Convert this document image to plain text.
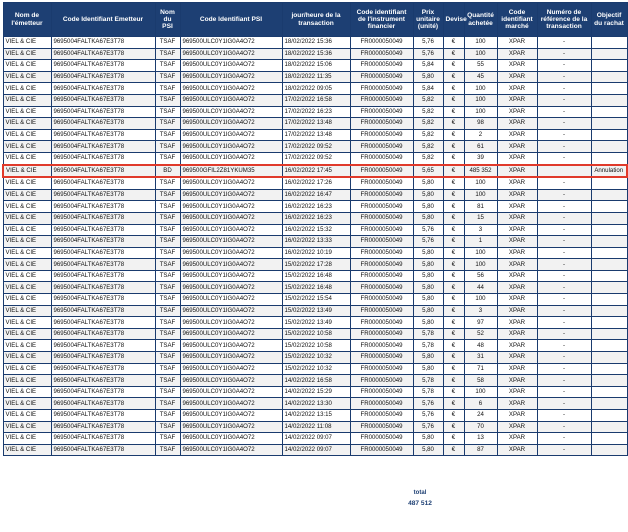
Nom de l'émetteur	Code Identifiant Emetteur	Nom du PSI	Code Identifiant PSI	jour/heure de la transaction	Code identifiant de l'instrument financier	Prix unitaire (unité)	Devise	Quantité achetée	Code identifiant marché	Numéro de référence de la transaction	Objectif du rachat
VIEL & CIE	9695004FALTKA67E3T78	TSAF	969500ULC0Y1IG0A4O72	18/02/2022 15:36	FR0000050049	5,76	€	100	XPAR	-	
VIEL & CIE	9695004FALTKA67E3T78	TSAF	969500ULC0Y1IG0A4O72	18/02/2022 15:36	FR0000050049	5,76	€	100	XPAR	-	
VIEL & CIE	9695004FALTKA67E3T78	TSAF	969500ULC0Y1IG0A4O72	18/02/2022 15:06	FR0000050049	5,84	€	55	XPAR	-	
VIEL & CIE	9695004FALTKA67E3T78	TSAF	969500ULC0Y1IG0A4O72	18/02/2022 11:35	FR0000050049	5,80	€	45	XPAR	-	
VIEL & CIE	9695004FALTKA67E3T78	TSAF	969500ULC0Y1IG0A4O72	18/02/2022 09:05	FR0000050049	5,84	€	100	XPAR	-	
VIEL & CIE	9695004FALTKA67E3T78	TSAF	969500ULC0Y1IG0A4O72	17/02/2022 16:58	FR0000050049	5,82	€	100	XPAR	-	
VIEL & CIE	9695004FALTKA67E3T78	TSAF	969500ULC0Y1IG0A4O72	17/02/2022 16:23	FR0000050049	5,82	€	100	XPAR	-	
VIEL & CIE	9695004FALTKA67E3T78	TSAF	969500ULC0Y1IG0A4O72	17/02/2022 13:48	FR0000050049	5,82	€	98	XPAR	-	
VIEL & CIE	9695004FALTKA67E3T78	TSAF	969500ULC0Y1IG0A4O72	17/02/2022 13:48	FR0000050049	5,82	€	2	XPAR	-	
VIEL & CIE	9695004FALTKA67E3T78	TSAF	969500ULC0Y1IG0A4O72	17/02/2022 09:52	FR0000050049	5,82	€	61	XPAR	-	
VIEL & CIE	9695004FALTKA67E3T78	TSAF	969500ULC0Y1IG0A4O72	17/02/2022 09:52	FR0000050049	5,82	€	39	XPAR	-	
VIEL & CIE	9695004FALTKA67E3T78	BD	969500GFIL2Z81YKUM35	16/02/2022 17:45	FR0000050049	5,65	€	485 352	XPAR		Annulation
VIEL & CIE	9695004FALTKA67E3T78	TSAF	969500ULC0Y1IG0A4O72	16/02/2022 17:26	FR0000050049	5,80	€	100	XPAR	-	
VIEL & CIE	9695004FALTKA67E3T78	TSAF	969500ULC0Y1IG0A4O72	16/02/2022 16:47	FR0000050049	5,80	€	100	XPAR	-	
VIEL & CIE	9695004FALTKA67E3T78	TSAF	969500ULC0Y1IG0A4O72	16/02/2022 16:23	FR0000050049	5,80	€	81	XPAR	-	
VIEL & CIE	9695004FALTKA67E3T78	TSAF	969500ULC0Y1IG0A4O72	16/02/2022 16:23	FR0000050049	5,80	€	15	XPAR	-	
VIEL & CIE	9695004FALTKA67E3T78	TSAF	969500ULC0Y1IG0A4O72	16/02/2022 15:32	FR0000050049	5,76	€	3	XPAR	-	
VIEL & CIE	9695004FALTKA67E3T78	TSAF	969500ULC0Y1IG0A4O72	16/02/2022 13:33	FR0000050049	5,76	€	1	XPAR	-	
VIEL & CIE	9695004FALTKA67E3T78	TSAF	969500ULC0Y1IG0A4O72	16/02/2022 10:19	FR0000050049	5,80	€	100	XPAR	-	
VIEL & CIE	9695004FALTKA67E3T78	TSAF	969500ULC0Y1IG0A4O72	15/02/2022 17:28	FR0000050049	5,80	€	100	XPAR	-	
VIEL & CIE	9695004FALTKA67E3T78	TSAF	969500ULC0Y1IG0A4O72	15/02/2022 16:48	FR0000050049	5,80	€	56	XPAR	-	
VIEL & CIE	9695004FALTKA67E3T78	TSAF	969500ULC0Y1IG0A4O72	15/02/2022 16:48	FR0000050049	5,80	€	44	XPAR	-	
VIEL & CIE	9695004FALTKA67E3T78	TSAF	969500ULC0Y1IG0A4O72	15/02/2022 15:54	FR0000050049	5,80	€	100	XPAR	-	
VIEL & CIE	9695004FALTKA67E3T78	TSAF	969500ULC0Y1IG0A4O72	15/02/2022 13:49	FR0000050049	5,80	€	3	XPAR	-	
VIEL & CIE	9695004FALTKA67E3T78	TSAF	969500ULC0Y1IG0A4O72	15/02/2022 13:49	FR0000050049	5,80	€	97	XPAR	-	
VIEL & CIE	9695004FALTKA67E3T78	TSAF	969500ULC0Y1IG0A4O72	15/02/2022 10:58	FR0000050049	5,78	€	52	XPAR	-	
VIEL & CIE	9695004FALTKA67E3T78	TSAF	969500ULC0Y1IG0A4O72	15/02/2022 10:58	FR0000050049	5,78	€	48	XPAR	-	
VIEL & CIE	9695004FALTKA67E3T78	TSAF	969500ULC0Y1IG0A4O72	15/02/2022 10:32	FR0000050049	5,80	€	31	XPAR	-	
VIEL & CIE	9695004FALTKA67E3T78	TSAF	969500ULC0Y1IG0A4O72	15/02/2022 10:32	FR0000050049	5,80	€	71	XPAR	-	
VIEL & CIE	9695004FALTKA67E3T78	TSAF	969500ULC0Y1IG0A4O72	14/02/2022 16:58	FR0000050049	5,78	€	58	XPAR	-	
VIEL & CIE	9695004FALTKA67E3T78	TSAF	969500ULC0Y1IG0A4O72	14/02/2022 15:29	FR0000050049	5,78	€	100	XPAR	-	
VIEL & CIE	9695004FALTKA67E3T78	TSAF	969500ULC0Y1IG0A4O72	14/02/2022 13:30	FR0000050049	5,76	€	6	XPAR	-	
VIEL & CIE	9695004FALTKA67E3T78	TSAF	969500ULC0Y1IG0A4O72	14/02/2022 13:15	FR0000050049	5,76	€	24	XPAR	-	
VIEL & CIE	9695004FALTKA67E3T78	TSAF	969500ULC0Y1IG0A4O72	14/02/2022 11:08	FR0000050049	5,76	€	70	XPAR	-	
VIEL & CIE	9695004FALTKA67E3T78	TSAF	969500ULC0Y1IG0A4O72	14/02/2022 09:07	FR0000050049	5,80	€	13	XPAR	-	
VIEL & CIE	9695004FALTKA67E3T78	TSAF	969500ULC0Y1IG0A4O72	14/02/2022 09:07	FR0000050049	5,80	€	87	XPAR	-	
total
487 512
